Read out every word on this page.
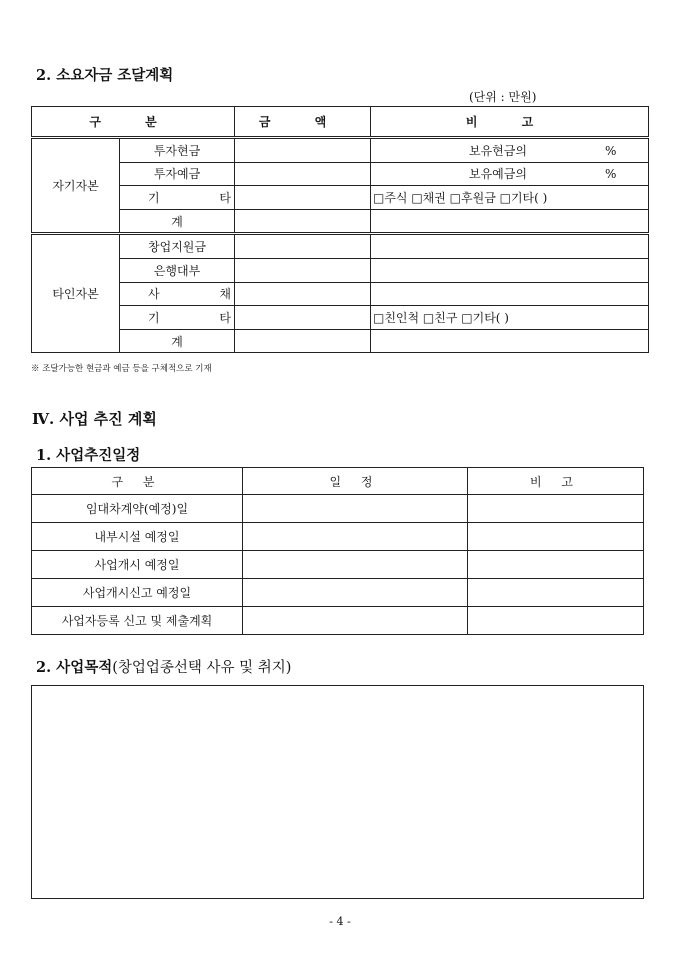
2. 소요자금 조달계획
(단위 : 만원)
구 분		금 액	비 고
자기자본	투자현금		보유현금의 %
	투자예금		보유예금의 %
	기 타		□주식 □채권 □후원금 □기타( )
	계		
타인자본	창업지원금		
	은행대부		
	사 채		
	기 타		□친인척 □친구 □기타( )
	계		
※ 조달가능한 현금과 예금 등을 구체적으로 기재
Ⅳ. 사업 추진 계획
1. 사업추진일정
구 분	일 정	비 고
임대차계약(예정)일		
내부시설 예정일		
사업개시 예정일		
사업개시신고 예정일		
사업자등록 신고 및 제출계획		
2. 사업목적(창업업종선택 사유 및 취지)
- 4 -
